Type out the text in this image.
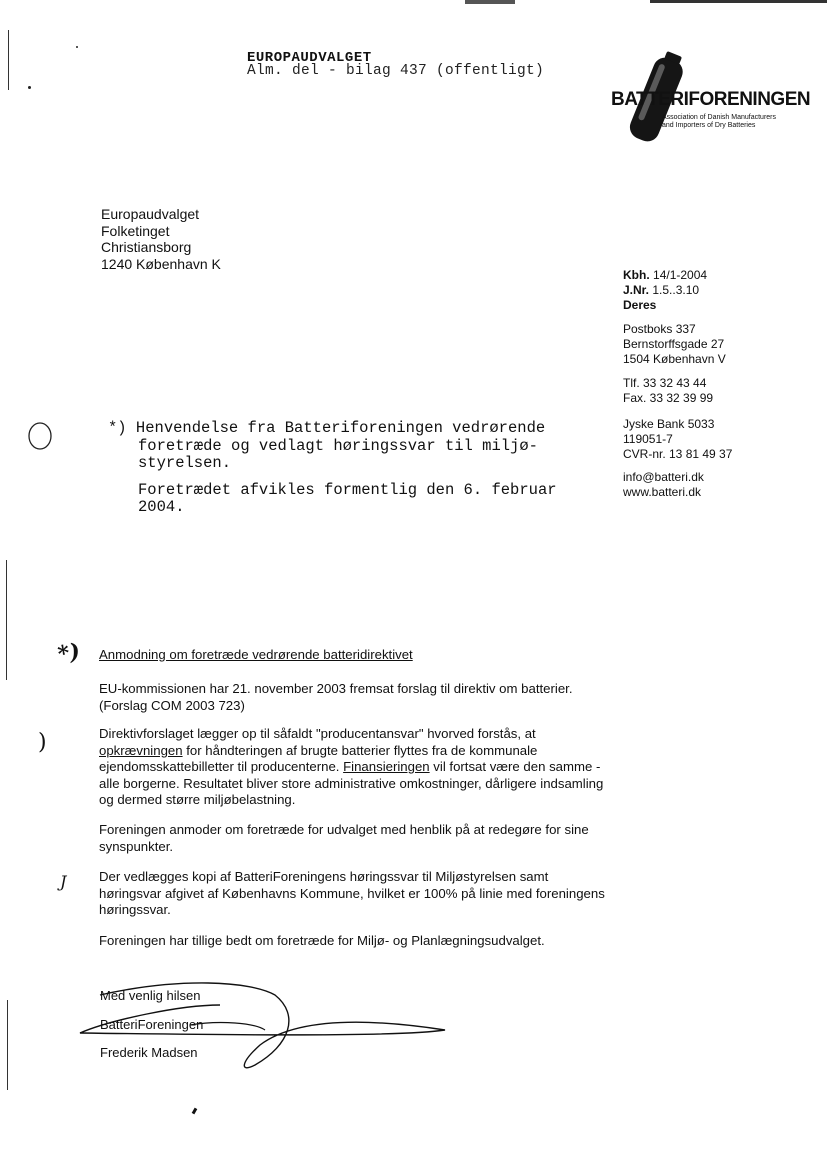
EUROPAUDVALGET
Alm. del - bilag 437 (offentligt)
BATTERIFORENINGEN
Association of Danish Manufacturers
and Importers of Dry Batteries
Europaudvalget
Folketinget
Christiansborg
1240 København K
Kbh. 14/1-2004
J.Nr. 1.5..3.10
Deres
Postboks 337
Bernstorffsgade 27
1504 København V
Tlf. 33 32 43 44
Fax. 33 32 39 99
Jyske Bank 5033
119051-7
CVR-nr. 13 81 49 37
info@batteri.dk
www.batteri.dk

*) Henvendelse fra Batteriforeningen vedrørende

foretræde og vedlagt høringssvar til miljø-

styrelsen.

Foretrædet afvikles formentlig den 6. februar

2004.

*) Anmodning om foretræde vedrørende batteridirektivet

EU-kommissionen har 21. november 2003 fremsat forslag til direktiv om batterier.

(Forslag COM 2003 723)

)	Direktivforslaget lægger op til såfaldt "producentansvar" hvorved forstås, at

opkrævningen for håndteringen af brugte batterier flyttes fra de kommunale

ejendomsskattebilletter til producenterne. Finansieringen vil fortsat være den samme -

alle borgerne. Resultatet bliver store administrative omkostninger, dårligere indsamling

og dermed større miljøbelastning.

Foreningen anmoder om foretræde for udvalget med henblik på at redegøre for sine

synspunkter.

J Der vedlægges kopi af BatteriForeningens høringssvar til Miljøstyrelsen samt

høringsvar afgivet af Københavns Kommune, hvilket er 100% på linie med foreningens

høringssvar.

Foreningen har tillige bedt om foretræde for Miljø- og Planlægningsudvalget.

Med venlig hilsen
BatteriForeningen
Frederik Madsen
